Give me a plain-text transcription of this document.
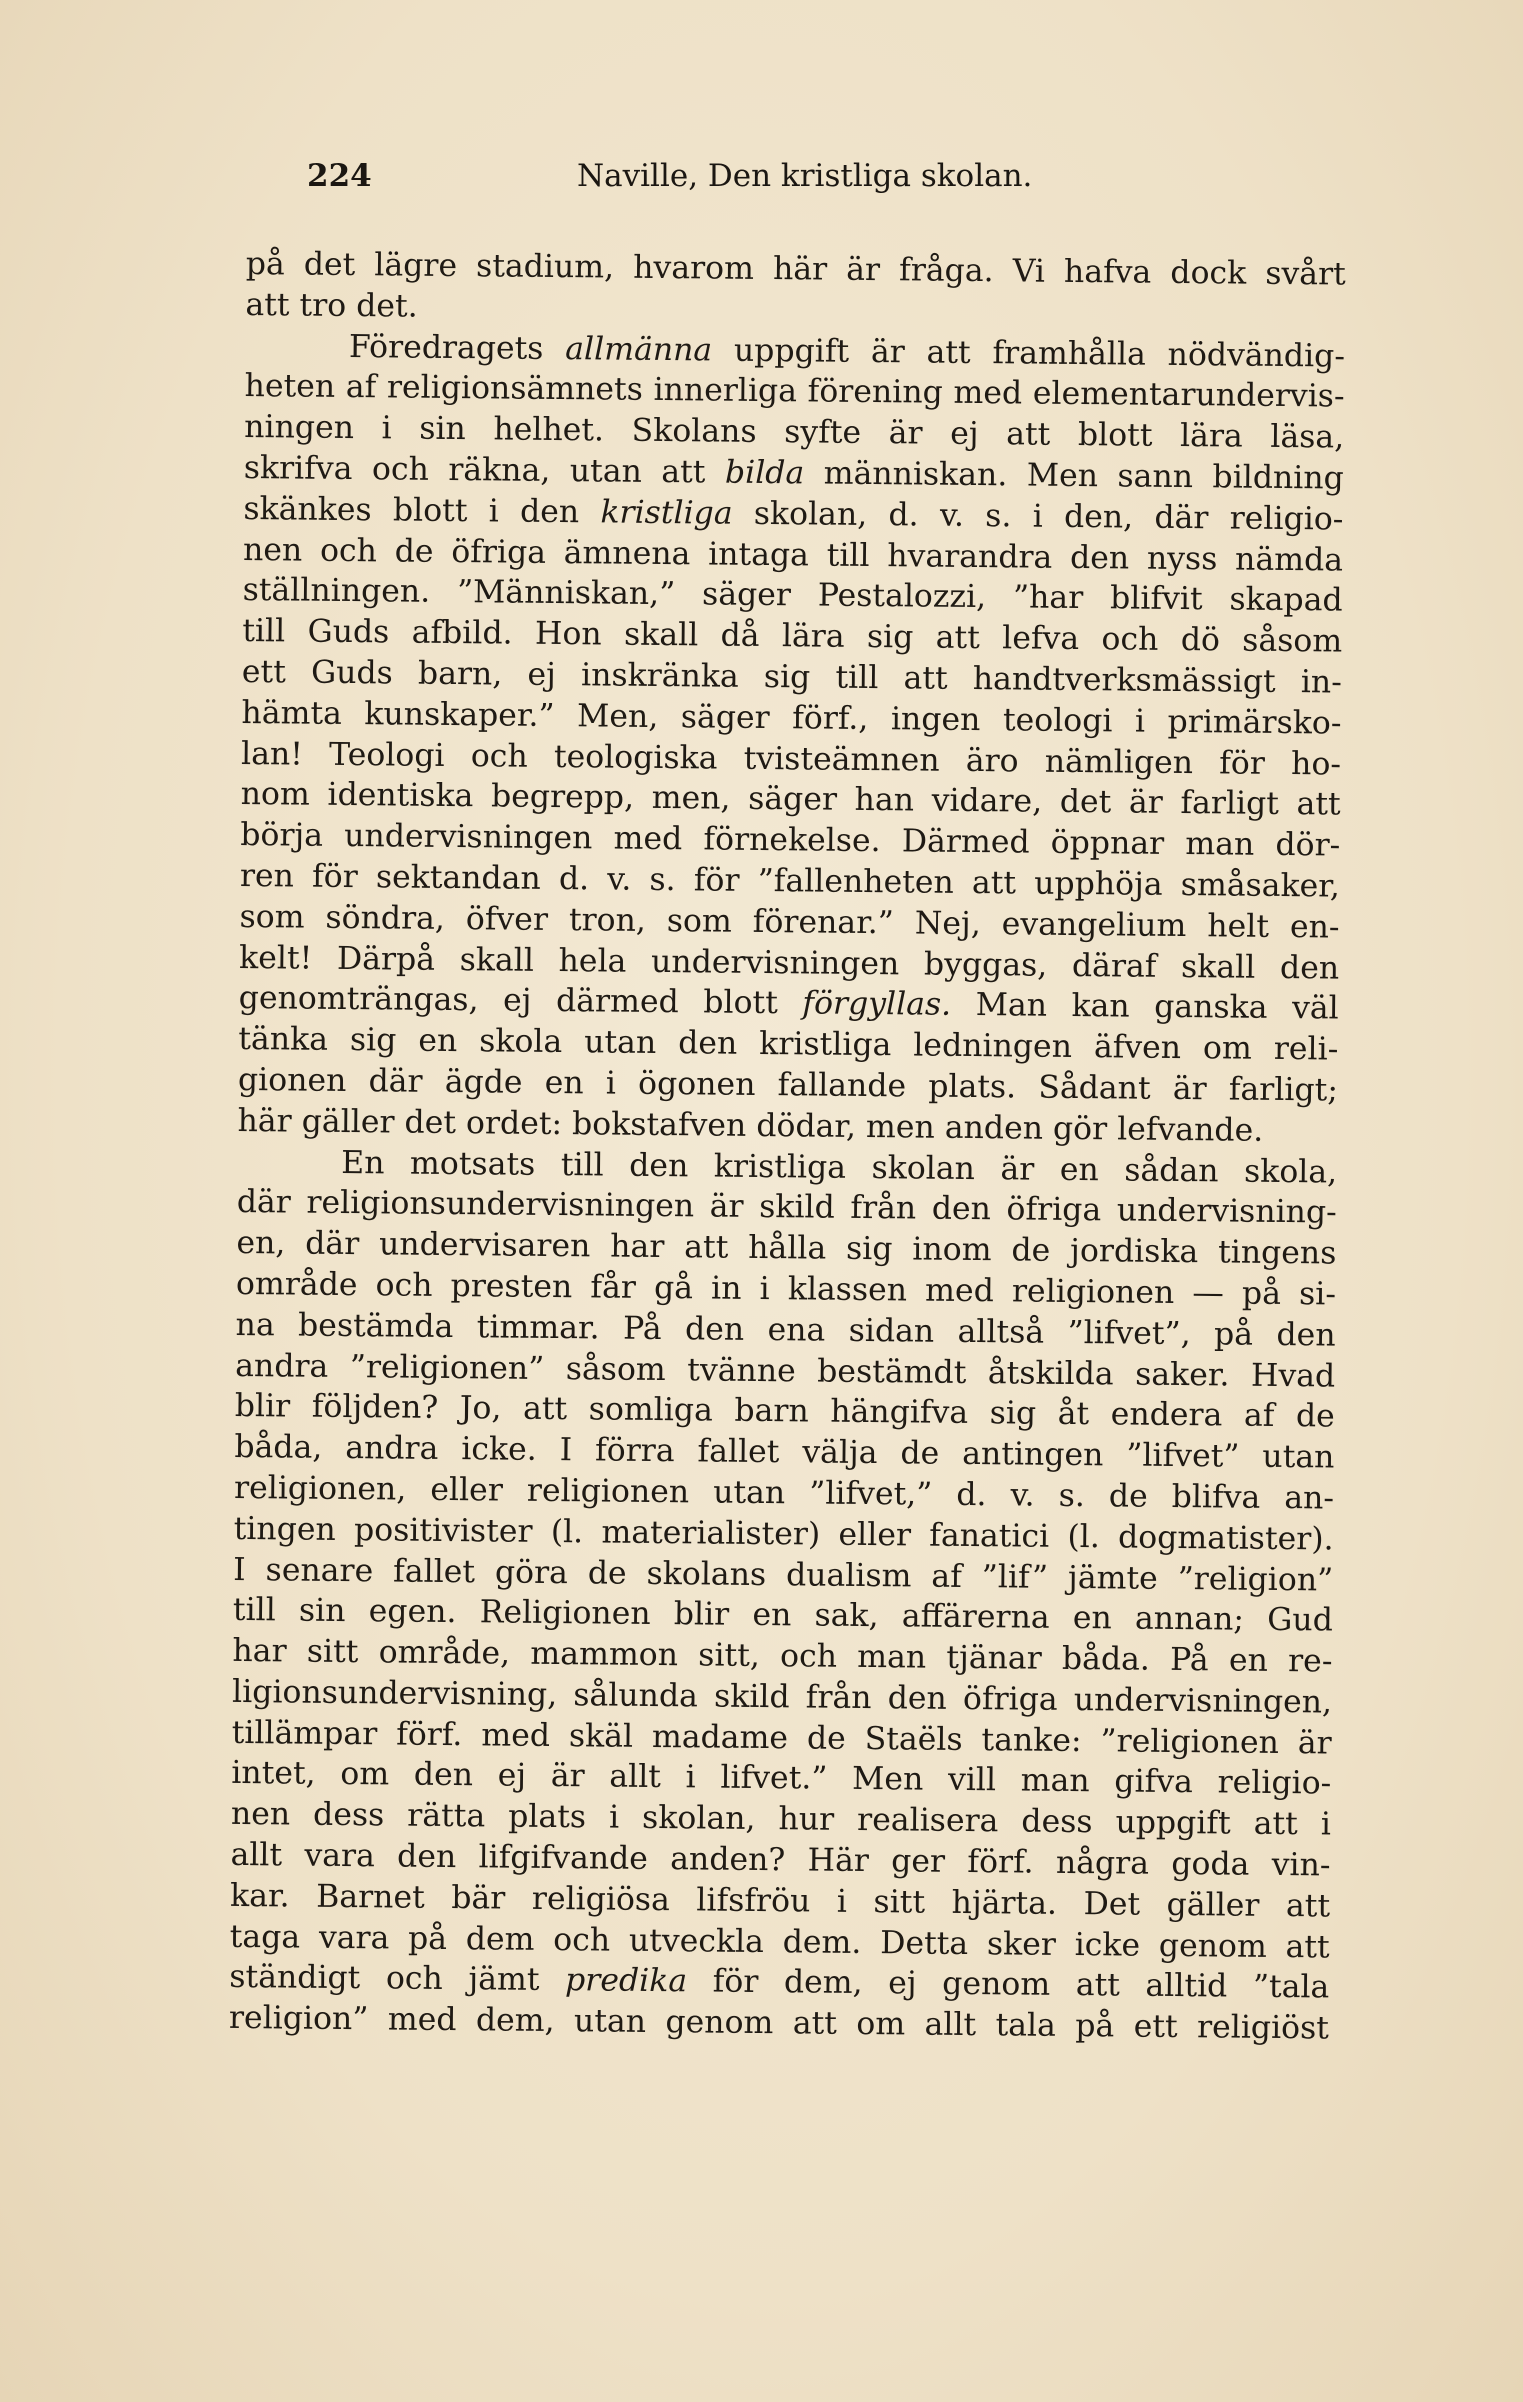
224	Naville, Den kristliga skolan.
på det lägre stadium, hvarom här är fråga. Vi hafva dock svårt
att tro det.
Föredragets allmänna uppgift är att framhålla nödvändig-
heten af religionsämnets innerliga förening med elementarundervis-
ningen i sin helhet. Skolans syfte är ej att blott lära läsa,
skrifva och räkna, utan att bilda människan. Men sann bildning
skänkes blott i den kristliga skolan, d. v. s. i den, där religio-
nen och de öfriga ämnena intaga till hvarandra den nyss nämda
ställningen. ”Människan,” säger Pestalozzi, ”har blifvit skapad
till Guds afbild. Hon skall då lära sig att lefva och dö såsom
ett Guds barn, ej inskränka sig till att handtverksmässigt in-
hämta kunskaper.” Men, säger förf., ingen teologi i primärsko-
lan! Teologi och teologiska tvisteämnen äro nämligen för ho-
nom identiska begrepp, men, säger han vidare, det är farligt att
börja undervisningen med förnekelse. Därmed öppnar man dör-
ren för sektandan d. v. s. för ”fallenheten att upphöja småsaker,
som söndra, öfver tron, som förenar.” Nej, evangelium helt en-
kelt! Därpå skall hela undervisningen byggas, däraf skall den
genomträngas, ej därmed blott förgyllas. Man kan ganska väl
tänka sig en skola utan den kristliga ledningen äfven om reli-
gionen där ägde en i ögonen fallande plats. Sådant är farligt;
här gäller det ordet: bokstafven dödar, men anden gör lefvande.
En motsats till den kristliga skolan är en sådan skola,
där religionsundervisningen är skild från den öfriga undervisning-
en, där undervisaren har att hålla sig inom de jordiska tingens
område och presten får gå in i klassen med religionen — på si-
na bestämda timmar. På den ena sidan alltså ”lifvet”, på den
andra ”religionen” såsom tvänne bestämdt åtskilda saker. Hvad
blir följden? Jo, att somliga barn hängifva sig åt endera af de
båda, andra icke. I förra fallet välja de antingen ”lifvet” utan
religionen, eller religionen utan ”lifvet,” d. v. s. de blifva an-
tingen positivister (l. materialister) eller fanatici (l. dogmatister).
I senare fallet göra de skolans dualism af ”lif” jämte ”religion”
till sin egen. Religionen blir en sak, affärerna en annan; Gud
har sitt område, mammon sitt, och man tjänar båda. På en re-
ligionsundervisning, sålunda skild från den öfriga undervisningen,
tillämpar förf. med skäl madame de Staëls tanke: ”religionen är
intet, om den ej är allt i lifvet.” Men vill man gifva religio-
nen dess rätta plats i skolan, hur realisera dess uppgift att i
allt vara den lifgifvande anden? Här ger förf. några goda vin-
kar. Barnet bär religiösa lifsfröu i sitt hjärta. Det gäller att
taga vara på dem och utveckla dem. Detta sker icke genom att
ständigt och jämt predika för dem, ej genom att alltid ”tala
religion” med dem, utan genom att om allt tala på ett religiöst
